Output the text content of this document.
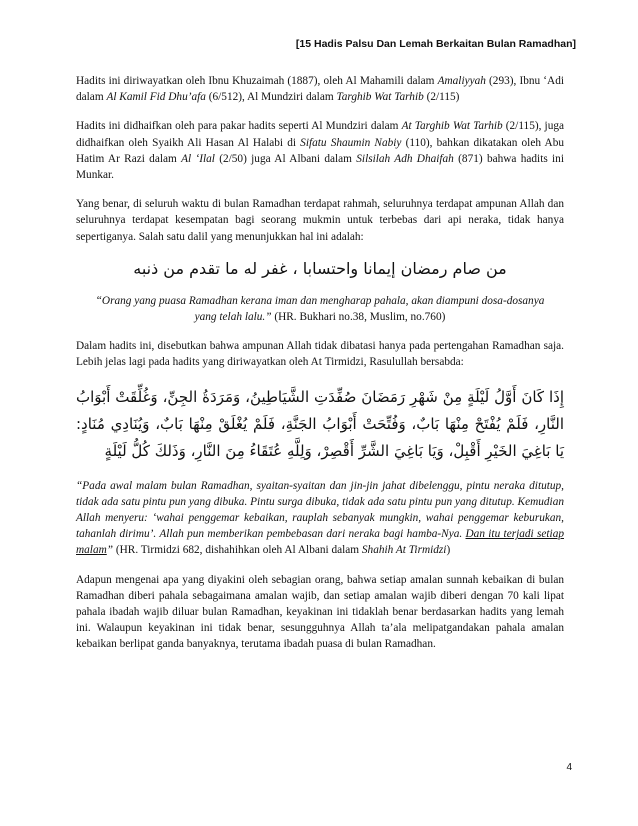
[15 Hadis Palsu Dan Lemah Berkaitan Bulan Ramadhan]

Hadits ini diriwayatkan oleh Ibnu Khuzaimah (1887), oleh Al Mahamili dalam Amaliyyah (293), Ibnu ‘Adi dalam Al Kamil Fid Dhu’afa (6/512), Al Mundziri dalam Targhib Wat Tarhib (2/115)

Hadits ini didhaifkan oleh para pakar hadits seperti Al Mundziri dalam At Targhib Wat Tarhib (2/115), juga didhaifkan oleh Syaikh Ali Hasan Al Halabi di Sifatu Shaumin Nabiy (110), bahkan dikatakan oleh Abu Hatim Ar Razi dalam Al ‘Ilal (2/50) juga Al Albani dalam Silsilah Adh Dhaifah (871) bahwa hadits ini Munkar.

Yang benar, di seluruh waktu di bulan Ramadhan terdapat rahmah, seluruhnya terdapat ampunan Allah dan seluruhnya terdapat kesempatan bagi seorang mukmin untuk terbebas dari api neraka, tidak hanya sepertiganya. Salah satu dalil yang menunjukkan hal ini adalah:

من صام رمضان إيمانا واحتسابا ، غفر له ما تقدم من ذنبه

“Orang yang puasa Ramadhan kerana iman dan mengharap pahala, akan diampuni dosa-dosanya yang telah lalu.” (HR. Bukhari no.38, Muslim, no.760)

Dalam hadits ini, disebutkan bahwa ampunan Allah tidak dibatasi hanya pada pertengahan Ramadhan saja. Lebih jelas lagi pada hadits yang diriwayatkan oleh At Tirmidzi, Rasulullah bersabda:

إِذَا كَانَ أَوَّلُ لَيْلَةٍ مِنْ شَهْرِ رَمَضَانَ صُفِّدَتِ الشَّيَاطِينُ، وَمَرَدَةُ الجِنِّ، وَغُلِّقَتْ أَبْوَابُ النَّارِ، فَلَمْ يُفْتَحْ مِنْهَا بَابٌ، وَفُتِّحَتْ أَبْوَابُ الجَنَّةِ، فَلَمْ يُغْلَقْ مِنْهَا بَابٌ، وَيُنَادِي مُنَادٍ: يَا بَاغِيَ الخَيْرِ أَقْبِلْ، وَيَا بَاغِيَ الشَّرِّ أَقْصِرْ، وَلِلَّهِ عُتَقَاءُ مِنَ النَّارِ، وَذَلكَ كُلُّ لَيْلَةٍ

“Pada awal malam bulan Ramadhan, syaitan-syaitan dan jin-jin jahat dibelenggu, pintu neraka ditutup, tidak ada satu pintu pun yang dibuka. Pintu surga dibuka, tidak ada satu pintu pun yang ditutup. Kemudian Allah menyeru: ‘wahai penggemar kebaikan, rauplah sebanyak mungkin, wahai penggemar keburukan, tahanlah dirimu’. Allah pun memberikan pembebasan dari neraka bagi hamba-Nya. Dan itu terjadi setiap malam” (HR. Tirmidzi 682, dishahihkan oleh Al Albani dalam Shahih At Tirmidzi)

Adapun mengenai apa yang diyakini oleh sebagian orang, bahwa setiap amalan sunnah kebaikan di bulan Ramadhan diberi pahala sebagaimana amalan wajib, dan setiap amalan wajib diberi dengan 70 kali lipat pahala ibadah wajib diluar bulan Ramadhan, keyakinan ini tidaklah benar berdasarkan hadits yang lemah ini. Walaupun keyakinan ini tidak benar, sesungguhnya Allah ta’ala melipatgandakan pahala amalan kebaikan berlipat ganda banyaknya, terutama ibadah puasa di bulan Ramadhan.

4
